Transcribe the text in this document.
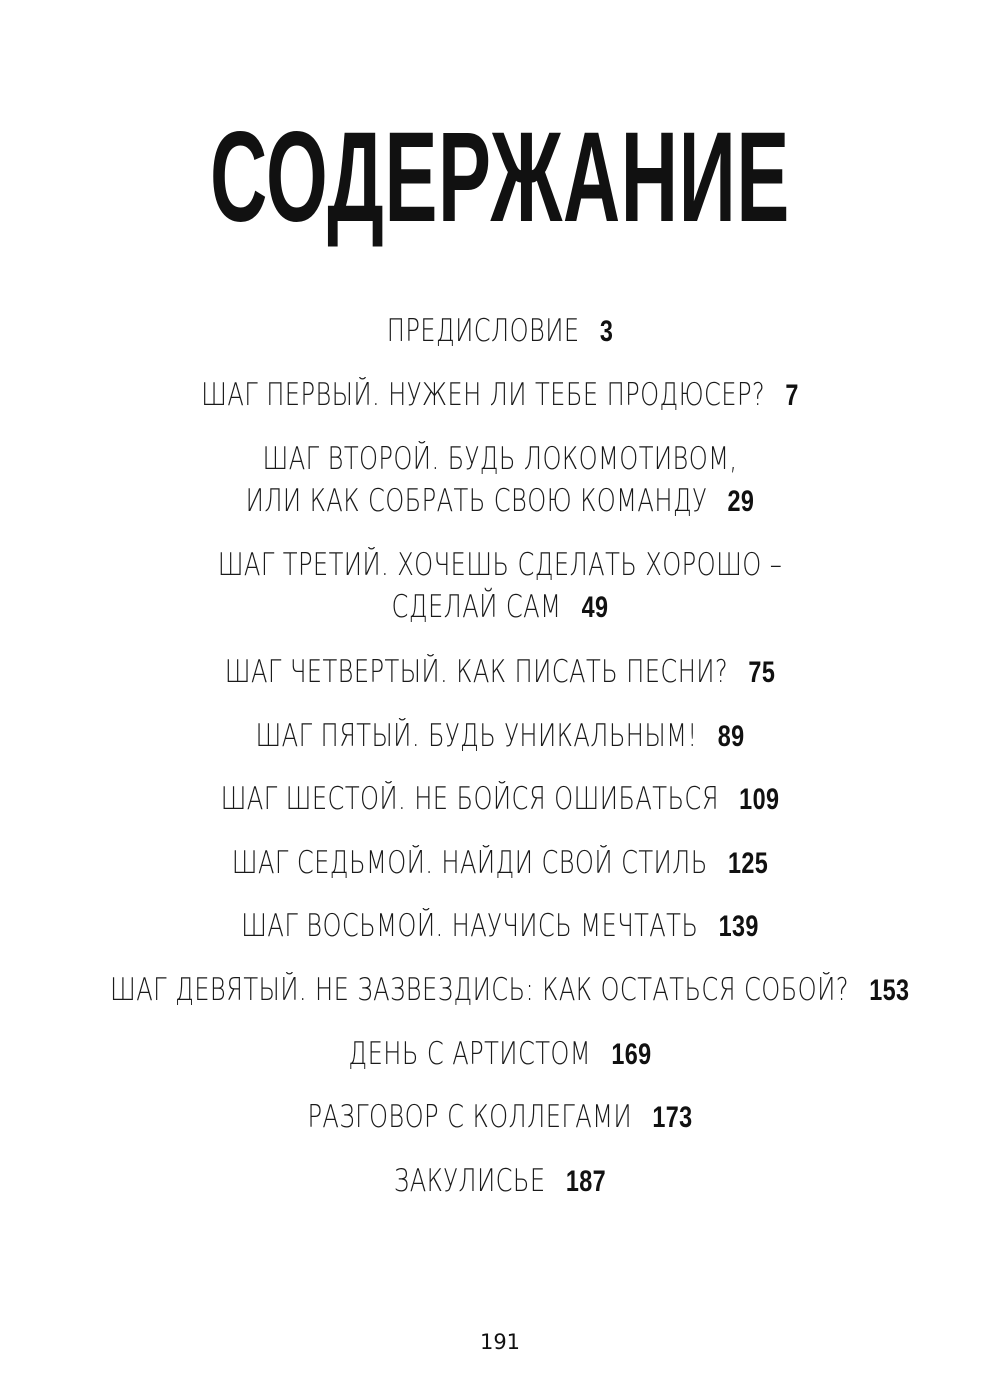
СОДЕРЖАНИЕ
ПРЕДИСЛОВИЕ 3
ШАГ ПЕРВЫЙ. НУЖЕН ЛИ ТЕБЕ ПРОДЮСЕР? 7
ШАГ ВТОРОЙ. БУДЬ ЛОКОМОТИВОМ,
ИЛИ КАК СОБРАТЬ СВОЮ КОМАНДУ 29
ШАГ ТРЕТИЙ. ХОЧЕШЬ СДЕЛАТЬ ХОРОШО –
СДЕЛАЙ САМ 49
ШАГ ЧЕТВЕРТЫЙ. КАК ПИСАТЬ ПЕСНИ? 75
ШАГ ПЯТЫЙ. БУДЬ УНИКАЛЬНЫМ! 89
ШАГ ШЕСТОЙ. НЕ БОЙСЯ ОШИБАТЬСЯ 109
ШАГ СЕДЬМОЙ. НАЙДИ СВОЙ СТИЛЬ 125
ШАГ ВОСЬМОЙ. НАУЧИСЬ МЕЧТАТЬ 139
ШАГ ДЕВЯТЫЙ. НЕ ЗАЗВЕЗДИСЬ: КАК ОСТАТЬСЯ СОБОЙ? 153
ДЕНЬ С АРТИСТОМ 169
РАЗГОВОР С КОЛЛЕГАМИ 173
ЗАКУЛИСЬЕ 187
191
